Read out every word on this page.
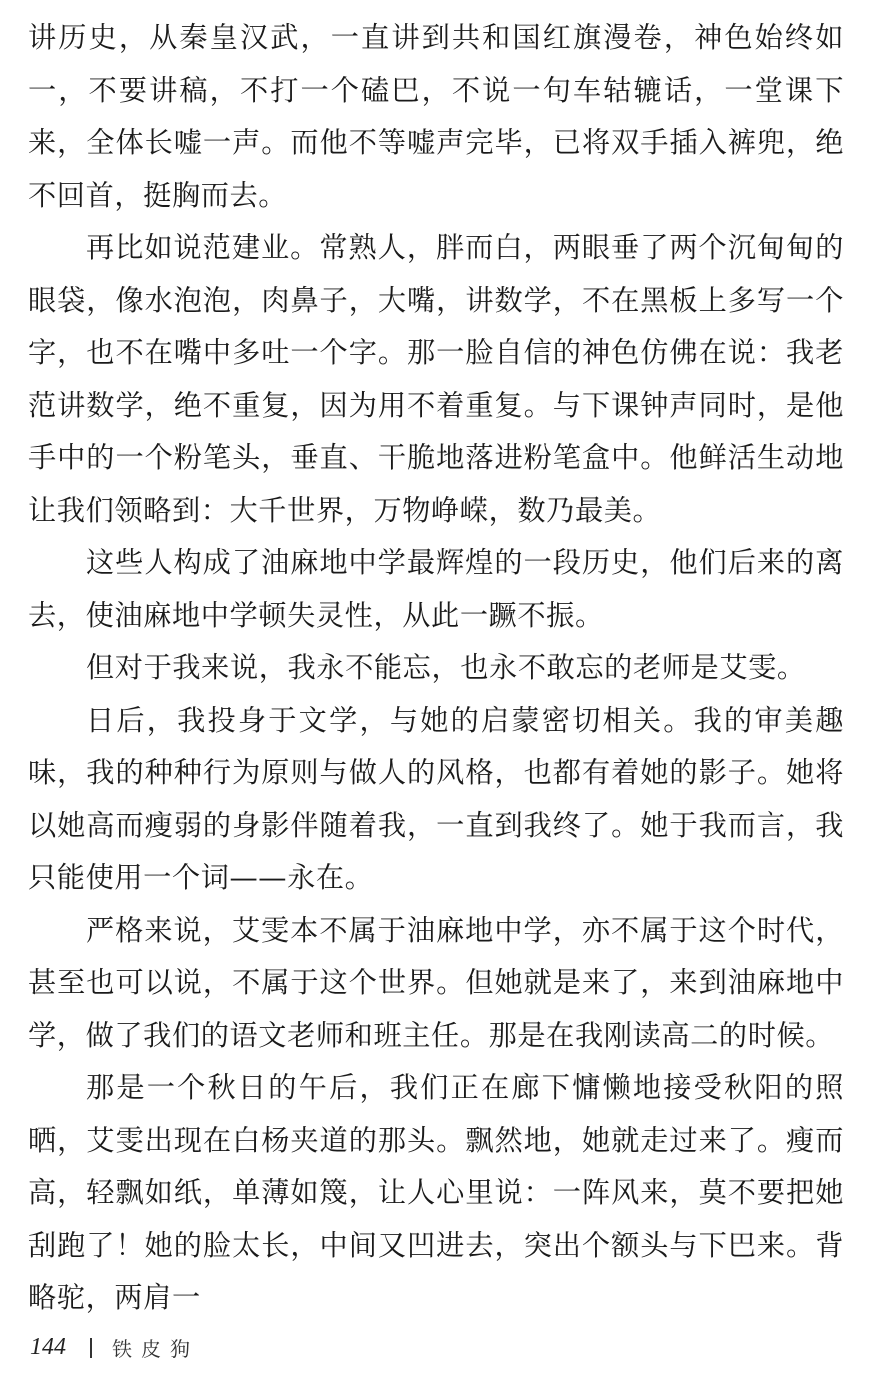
讲历史，从秦皇汉武，一直讲到共和国红旗漫卷，神色始终如一，不要讲稿，不打一个磕巴，不说一句车轱辘话，一堂课下来，全体长嘘一声。而他不等嘘声完毕，已将双手插入裤兜，绝不回首，挺胸而去。

再比如说范建业。常熟人，胖而白，两眼垂了两个沉甸甸的眼袋，像水泡泡，肉鼻子，大嘴，讲数学，不在黑板上多写一个字，也不在嘴中多吐一个字。那一脸自信的神色仿佛在说：我老范讲数学，绝不重复，因为用不着重复。与下课钟声同时，是他手中的一个粉笔头，垂直、干脆地落进粉笔盒中。他鲜活生动地让我们领略到：大千世界，万物峥嵘，数乃最美。

这些人构成了油麻地中学最辉煌的一段历史，他们后来的离去，使油麻地中学顿失灵性，从此一蹶不振。

但对于我来说，我永不能忘，也永不敢忘的老师是艾雯。

日后，我投身于文学，与她的启蒙密切相关。我的审美趣味，我的种种行为原则与做人的风格，也都有着她的影子。她将以她高而瘦弱的身影伴随着我，一直到我终了。她于我而言，我只能使用一个词——永在。

严格来说，艾雯本不属于油麻地中学，亦不属于这个时代，甚至也可以说，不属于这个世界。但她就是来了，来到油麻地中学，做了我们的语文老师和班主任。那是在我刚读高二的时候。

那是一个秋日的午后，我们正在廊下慵懒地接受秋阳的照晒，艾雯出现在白杨夹道的那头。飘然地，她就走过来了。瘦而高，轻飘如纸，单薄如篾，让人心里说：一阵风来，莫不要把她刮跑了！她的脸太长，中间又凹进去，突出个额头与下巴来。背略驼，两肩一

144 铁皮狗
